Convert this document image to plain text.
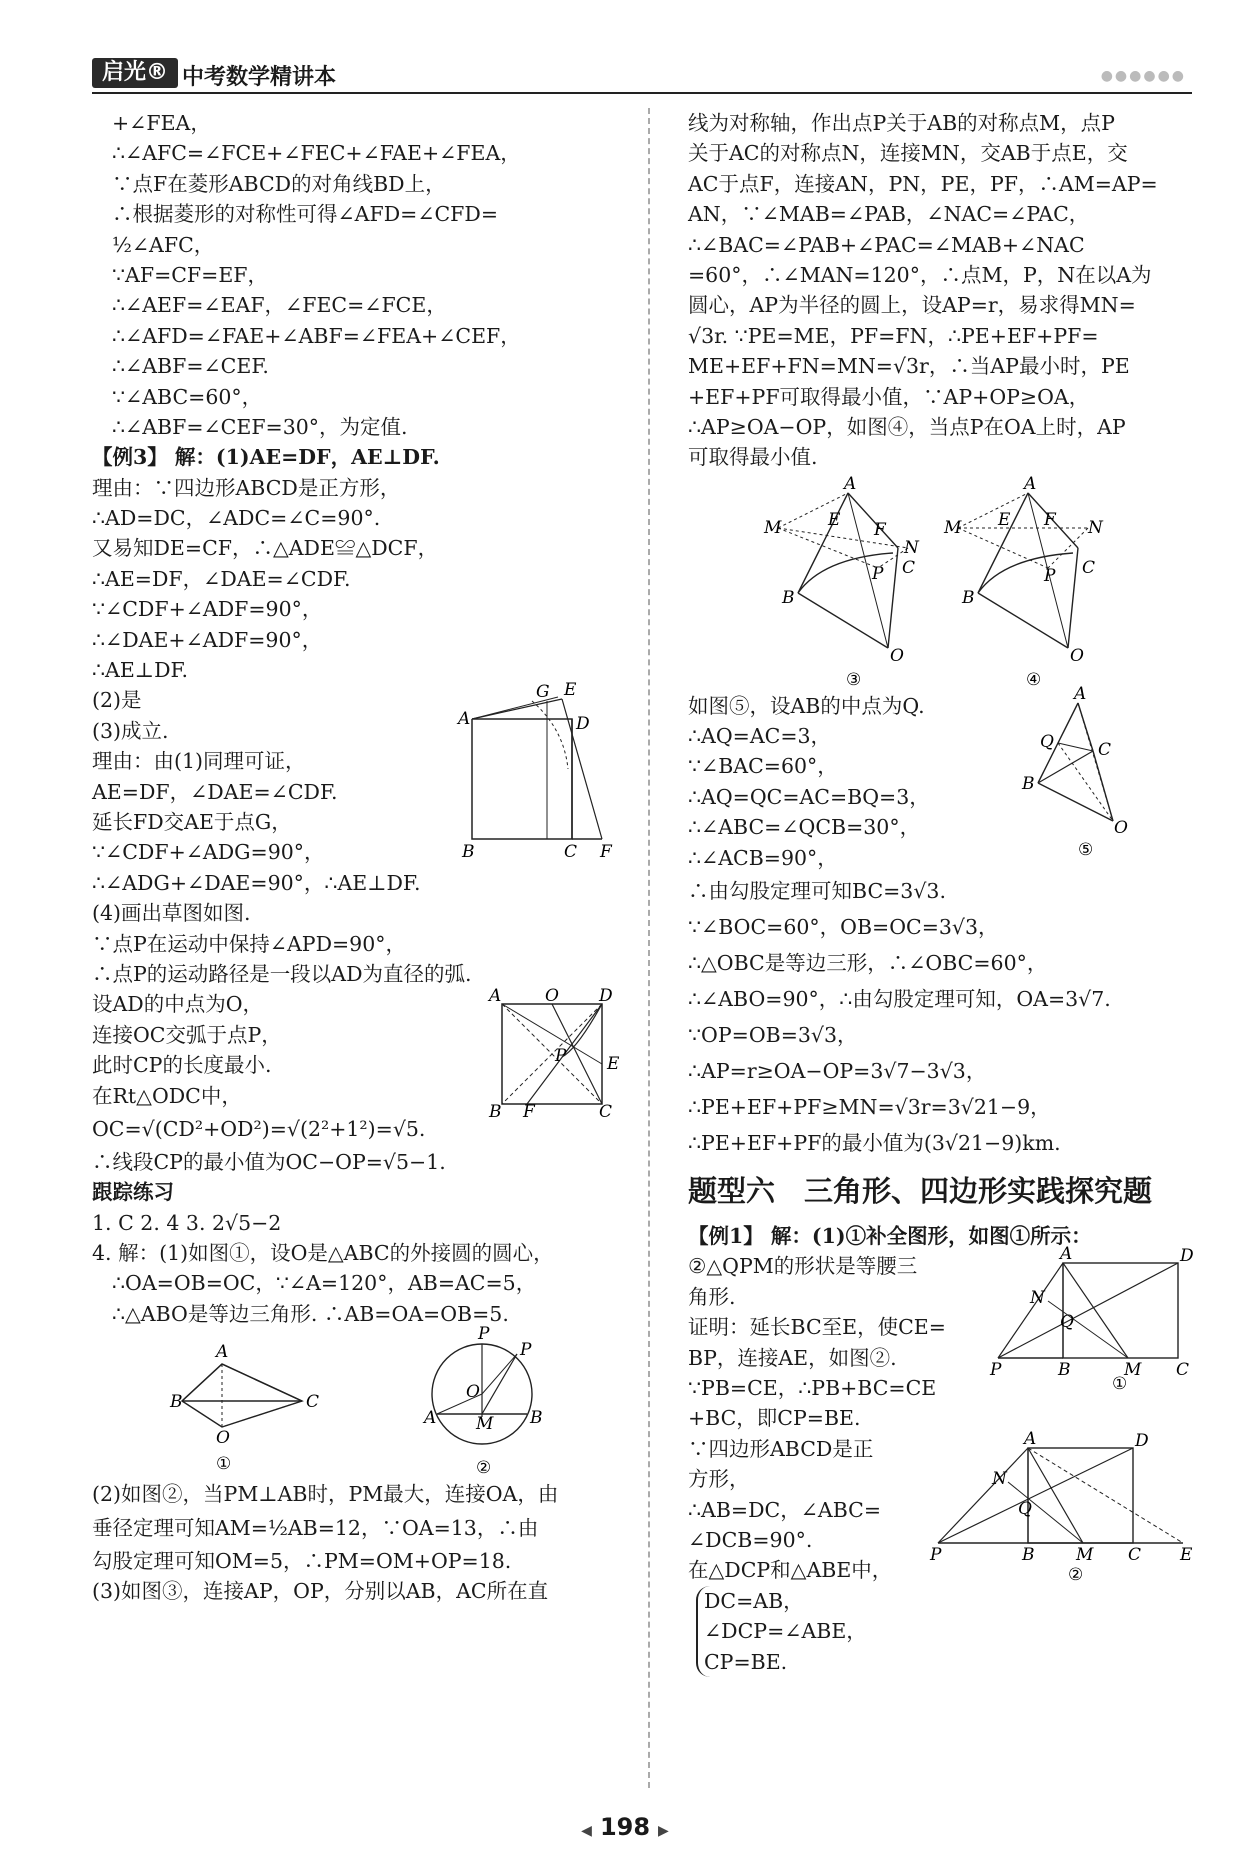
启光® 中考数学精讲本	●●●●●●
+∠FEA，
∴∠AFC=∠FCE+∠FEC+∠FAE+∠FEA，
∵点F在菱形ABCD的对角线BD上，
∴根据菱形的对称性可得∠AFD=∠CFD=
½∠AFC，
∵AF=CF=EF，
∴∠AEF=∠EAF，∠FEC=∠FCE，
∴∠AFD=∠FAE+∠ABF=∠FEA+∠CEF，
∴∠ABF=∠CEF.
∵∠ABC=60°，
∴∠ABF=∠CEF=30°，为定值.
【例3】 解：(1)AE=DF，AE⊥DF.
理由：∵四边形ABCD是正方形，
∴AD=DC，∠ADC=∠C=90°.
又易知DE=CF，∴△ADE≌△DCF，
∴AE=DF，∠DAE=∠CDF.
∵∠CDF+∠ADF=90°，
∴∠DAE+∠ADF=90°，
∴AE⊥DF.
A
G E
D
B	C F
(2)是
(3)成立.
理由：由(1)同理可证，
AE=DF，∠DAE=∠CDF.
延长FD交AE于点G，
∵∠CDF+∠ADG=90°，
∴∠ADG+∠DAE=90°，∴AE⊥DF.
(4)画出草图如图.
∵点P在运动中保持∠APD=90°，
∴点P的运动路径是一段以AD为直径的弧.
A	O D
P E
B F	C
设AD的中点为O，
连接OC交弧于点P，
此时CP的长度最小.
在Rt△ODC中，
OC=√(CD²+OD²)=√(2²+1²)=√5.
∴线段CP的最小值为OC−OP=√5−1.
跟踪练习
1. C 2. 4 3. 2√5−2
4. 解：(1)如图①，设O是△ABC的外接圆的圆心，
∴OA=OB=OC，∵∠A=120°，AB=AC=5，
∴△ABO是等边三角形. ∴AB=OA=OB=5.
A
B	C
O
①
P
P
O
A	B
M
②
(2)如图②，当PM⊥AB时，PM最大，连接OA，由
垂径定理可知AM=½AB=12，∵OA=13，∴由
勾股定理可知OM=5，∴PM=OM+OP=18.
(3)如图③，连接AP，OP，分别以AB，AC所在直
线为对称轴，作出点P关于AB的对称点M，点P
关于AC的对称点N，连接MN，交AB于点E，交
AC于点F，连接AN，PN，PE，PF，∴AM=AP=
AN，∵∠MAB=∠PAB，∠NAC=∠PAC，
∴∠BAC=∠PAB+∠PAC=∠MAB+∠NAC
=60°，∴∠MAN=120°，∴点M，P，N在以A为
圆心，AP为半径的圆上，设AP=r，易求得MN=
√3r. ∵PE=ME，PF=FN，∴PE+EF+PF=
ME+EF+FN=MN=√3r，∴当AP最小时，PE
+EF+PF可取得最小值，∵AP+OP≥OA，
∴AP≥OA−OP，如图④，当点P在OA上时，AP
可取得最小值.
A
M	E F
N
C
P
B
O
③
A
M E F N
C
P
B
O
④
A
Q	C
B
O
⑤
如图⑤，设AB的中点为Q.
∴AQ=AC=3，
∵∠BAC=60°，
∴AQ=QC=AC=BQ=3，
∴∠ABC=∠QCB=30°，
∴∠ACB=90°，
∴由勾股定理可知BC=3√3.
∵∠BOC=60°，OB=OC=3√3，
∴△OBC是等边三形，∴∠OBC=60°，
∴∠ABO=90°，∴由勾股定理可知，OA=3√7.
∵OP=OB=3√3，
∴AP=r≥OA−OP=3√7−3√3，
∴PE+EF+PF≥MN=√3r=3√21−9，
∴PE+EF+PF的最小值为(3√21−9)km.
题型六　三角形、四边形实践探究题
【例1】 解：(1)①补全图形，如图①所示：
A	D
N
Q
P	B	M C
①
②△QPM的形状是等腰三
角形.
证明：延长BC至E，使CE=
BP，连接AE，如图②.
∵PB=CE，∴PB+BC=CE
+BC，即CP=BE.
A	D
N
Q
P	B M C E
②
∵四边形ABCD是正
方形，
∴AB=DC，∠ABC=
∠DCB=90°.
在△DCP和△ABE中，
DC=AB，
∠DCP=∠ABE，
CP=BE.
◀ 198 ▶
